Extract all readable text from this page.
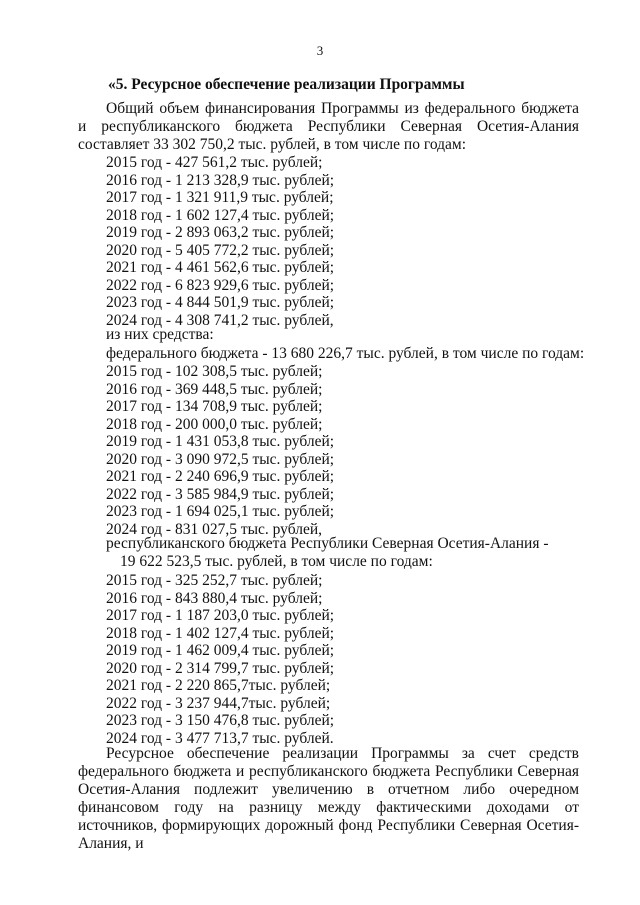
3
«5. Ресурсное обеспечение реализации Программы
Общий объем финансирования Программы из федерального бюджета и республиканского бюджета Республики Северная Осетия-Алания составляет 33 302 750,2 тыс. рублей, в том числе по годам:
2015 год - 427 561,2 тыс. рублей;
2016 год - 1 213 328,9 тыс. рублей;
2017 год - 1 321 911,9 тыс. рублей;
2018 год - 1 602 127,4 тыс. рублей;
2019 год - 2 893 063,2 тыс. рублей;
2020 год - 5 405 772,2 тыс. рублей;
2021 год - 4 461 562,6 тыс. рублей;
2022 год - 6 823 929,6 тыс. рублей;
2023 год - 4 844 501,9 тыс. рублей;
2024 год - 4 308 741,2 тыс. рублей,
из них средства:
федерального бюджета - 13 680 226,7 тыс. рублей, в том числе по годам:
2015 год - 102 308,5 тыс. рублей;
2016 год - 369 448,5 тыс. рублей;
2017 год - 134 708,9 тыс. рублей;
2018 год - 200 000,0 тыс. рублей;
2019 год - 1 431 053,8 тыс. рублей;
2020 год - 3 090 972,5 тыс. рублей;
2021 год - 2 240 696,9 тыс. рублей;
2022 год - 3 585 984,9 тыс. рублей;
2023 год - 1 694 025,1 тыс. рублей;
2024 год - 831 027,5 тыс. рублей,
республиканского бюджета Республики Северная Осетия-Алания -
19 622 523,5 тыс. рублей, в том числе по годам:
2015 год - 325 252,7 тыс. рублей;
2016 год - 843 880,4 тыс. рублей;
2017 год - 1 187 203,0 тыс. рублей;
2018 год - 1 402 127,4 тыс. рублей;
2019 год - 1 462 009,4 тыс. рублей;
2020 год - 2 314 799,7 тыс. рублей;
2021 год - 2 220 865,7тыс. рублей;
2022 год - 3 237 944,7тыс. рублей;
2023 год - 3 150 476,8 тыс. рублей;
2024 год - 3 477 713,7 тыс. рублей.
Ресурсное обеспечение реализации Программы за счет средств федерального бюджета и республиканского бюджета Республики Северная Осетия-Алания подлежит увеличению в отчетном либо очередном финансовом году на разницу между фактическими доходами от источников, формирующих дорожный фонд Республики Северная Осетия-Алания, и
